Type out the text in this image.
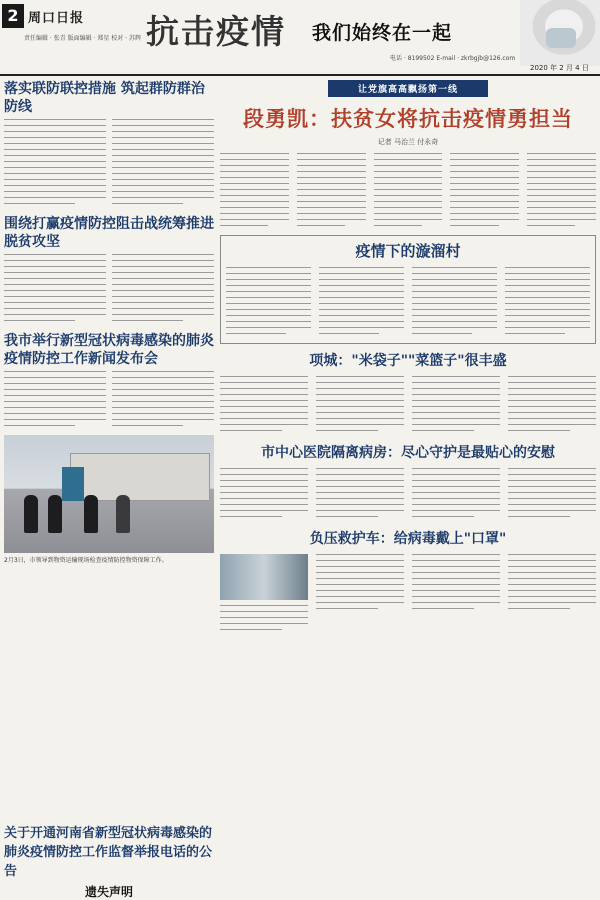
2 周口日报
责任编辑 · 张青 版面编辑 · 郑星 校对 · 苏辉 抗击疫情 我们始终在一起
电话 · 8199502 E-mail · zkrbgjb@126.com
2020 年 2 月 4 日
落实联防联控措施 筑起群防群治防线
围绕打赢疫情防控阻击战统筹推进脱贫攻坚
我市举行新型冠状病毒感染的肺炎疫情防控工作新闻发布会
2月3日，市领导到物资运输现场检查疫情防控物资保障工作。
关于开通河南省新型冠状病毒感染的肺炎疫情防控工作监督举报电话的公告
遗失声明
让党旗高高飘扬第一线
段勇凯：扶贫女将抗击疫情勇担当
记者 马治兰 付永奇
疫情下的漩溜村
项城："米袋子""菜篮子"很丰盛
市中心医院隔离病房：尽心守护是最贴心的安慰
负压救护车：给病毒戴上"口罩"
